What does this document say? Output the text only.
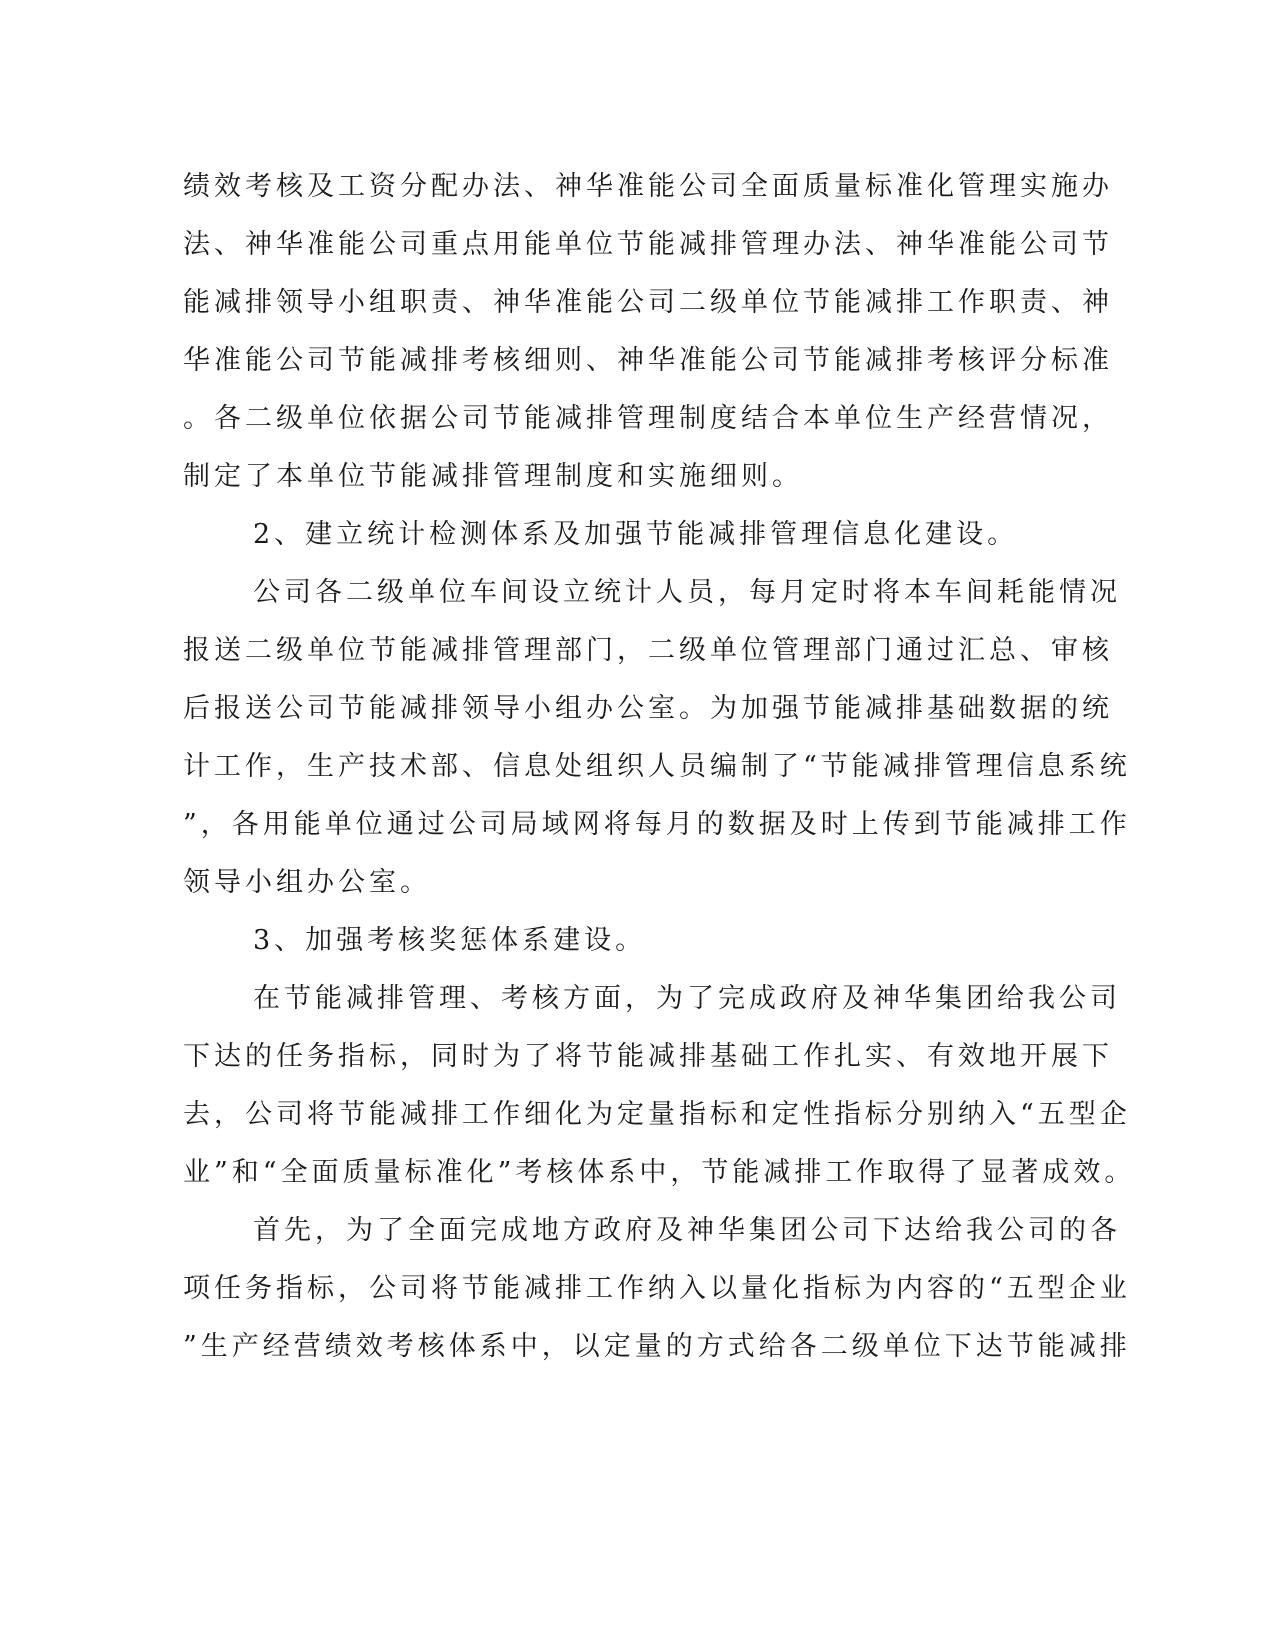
绩效考核及工资分配办法、神华准能公司全面质量标准化管理实施办
法、神华准能公司重点用能单位节能减排管理办法、神华准能公司节
能减排领导小组职责、神华准能公司二级单位节能减排工作职责、神
华准能公司节能减排考核细则、神华准能公司节能减排考核评分标准
。各二级单位依据公司节能减排管理制度结合本单位生产经营情况，
制定了本单位节能减排管理制度和实施细则。
2、建立统计检测体系及加强节能减排管理信息化建设。
公司各二级单位车间设立统计人员，每月定时将本车间耗能情况
报送二级单位节能减排管理部门，二级单位管理部门通过汇总、审核
后报送公司节能减排领导小组办公室。为加强节能减排基础数据的统
计工作，生产技术部、信息处组织人员编制了“节能减排管理信息系统
”，各用能单位通过公司局域网将每月的数据及时上传到节能减排工作
领导小组办公室。
3、加强考核奖惩体系建设。
在节能减排管理、考核方面，为了完成政府及神华集团给我公司
下达的任务指标，同时为了将节能减排基础工作扎实、有效地开展下
去，公司将节能减排工作细化为定量指标和定性指标分别纳入“五型企
业”和“全面质量标准化”考核体系中，节能减排工作取得了显著成效。
首先，为了全面完成地方政府及神华集团公司下达给我公司的各
项任务指标，公司将节能减排工作纳入以量化指标为内容的“五型企业
”生产经营绩效考核体系中，以定量的方式给各二级单位下达节能减排
